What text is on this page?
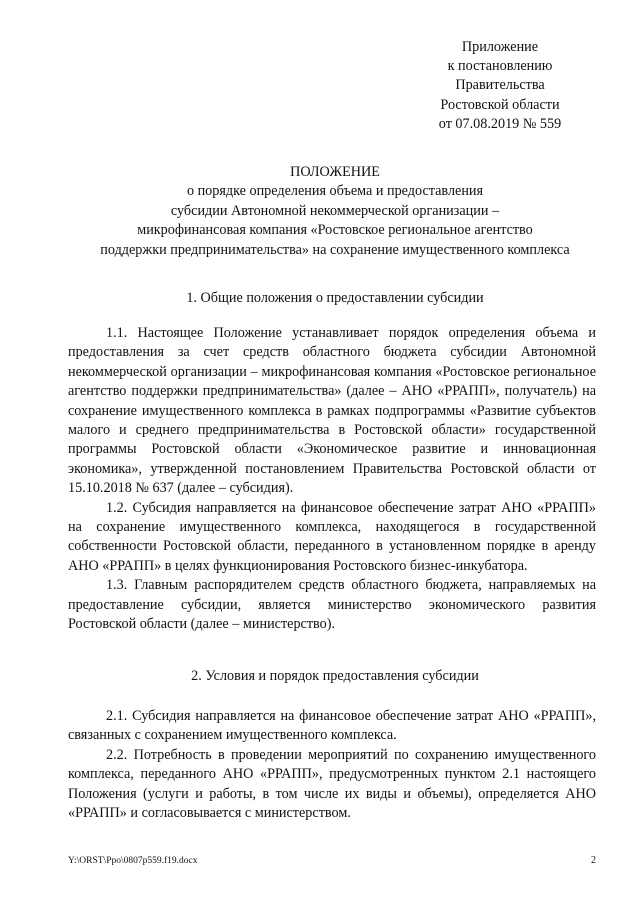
Приложение
к постановлению
Правительства
Ростовской области
от 07.08.2019 № 559
ПОЛОЖЕНИЕ
о порядке определения объема и предоставления
субсидии Автономной некоммерческой организации –
микрофинансовая компания «Ростовское региональное агентство
поддержки предпринимательства» на сохранение имущественного комплекса
1. Общие положения о предоставлении субсидии

1.1. Настоящее Положение устанавливает порядок определения объема и предоставления за счет средств областного бюджета субсидии Автономной некоммерческой организации – микрофинансовая компания «Ростовское региональное агентство поддержки предпринимательства» (далее – АНО «РРАПП», получатель) на сохранение имущественного комплекса в рамках подпрограммы «Развитие субъектов малого и среднего предпринимательства в Ростовской области» государственной программы Ростовской области «Экономическое развитие и инновационная экономика», утвержденной постановлением Правительства Ростовской области от 15.10.2018 № 637 (далее – субсидия).

1.2. Субсидия направляется на финансовое обеспечение затрат АНО «РРАПП» на сохранение имущественного комплекса, находящегося в государственной собственности Ростовской области, переданного в установленном порядке в аренду АНО «РРАПП» в целях функционирования Ростовского бизнес-инкубатора.

1.3. Главным распорядителем средств областного бюджета, направляемых на предоставление субсидии, является министерство экономического развития Ростовской области (далее – министерство).

2. Условия и порядок предоставления субсидии

2.1. Субсидия направляется на финансовое обеспечение затрат АНО «РРАПП», связанных с сохранением имущественного комплекса.

2.2. Потребность в проведении мероприятий по сохранению имущественного комплекса, переданного АНО «РРАПП», предусмотренных пунктом 2.1 настоящего Положения (услуги и работы, в том числе их виды и объемы), определяется АНО «РРАПП» и согласовывается с министерством.

Y:\ORST\Ppo\0807p559.f19.docx	2
